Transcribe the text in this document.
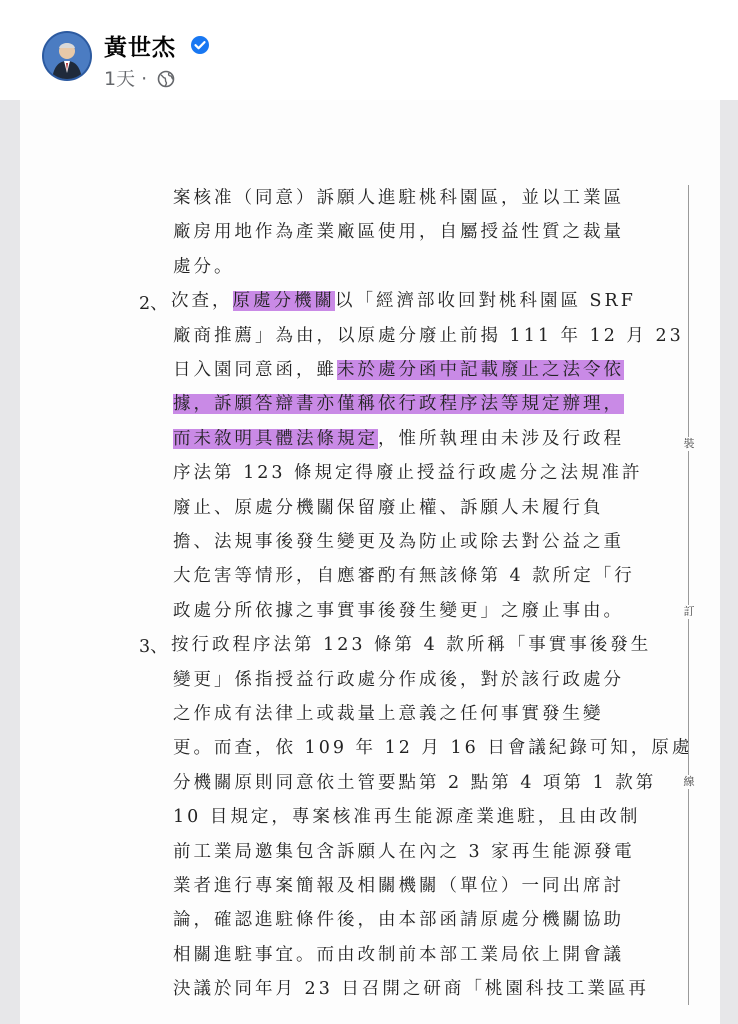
黃世杰
1天 ·
案核准（同意）訴願人進駐桃科園區，並以工業區
廠房用地作為產業廠區使用，自屬授益性質之裁量
處分。
次查，原處分機關以「經濟部收回對桃科園區 SRF
廠商推薦」為由，以原處分廢止前揭 111 年 12 月 23
日入園同意函，雖未於處分函中記載廢止之法令依
據，訴願答辯書亦僅稱依行政程序法等規定辦理，
而未敘明具體法條規定，惟所執理由未涉及行政程
序法第 123 條規定得廢止授益行政處分之法規准許
廢止、原處分機關保留廢止權、訴願人未履行負
擔、法規事後發生變更及為防止或除去對公益之重
大危害等情形，自應審酌有無該條第 4 款所定「行
政處分所依據之事實事後發生變更」之廢止事由。
按行政程序法第 123 條第 4 款所稱「事實事後發生
變更」係指授益行政處分作成後，對於該行政處分
之作成有法律上或裁量上意義之任何事實發生變
更。而查，依 109 年 12 月 16 日會議紀錄可知，原處
分機關原則同意依土管要點第 2 點第 4 項第 1 款第
10 目規定，專案核准再生能源產業進駐，且由改制
前工業局邀集包含訴願人在內之 3 家再生能源發電
業者進行專案簡報及相關機關（單位）一同出席討
論，確認進駐條件後，由本部函請原處分機關協助
相關進駐事宜。而由改制前本部工業局依上開會議
決議於同年月 23 日召開之研商「桃園科技工業區再
2、
3、
裝
訂
線
